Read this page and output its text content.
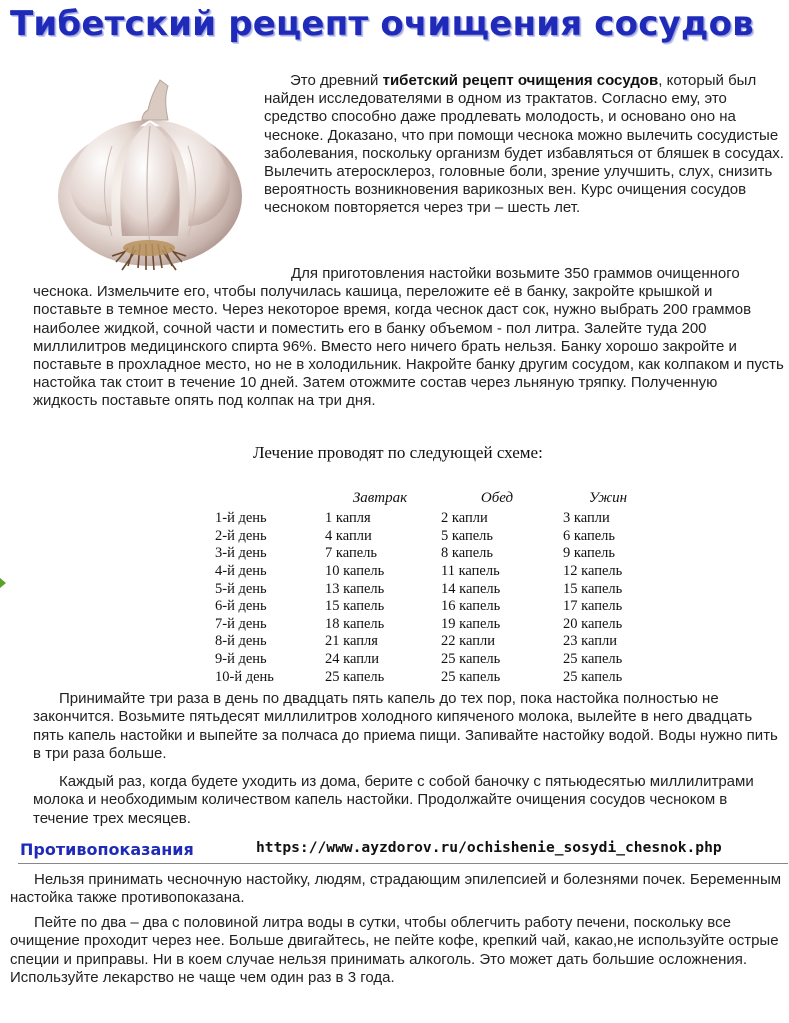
Тибетский рецепт очищения сосудов

Это древний тибетский рецепт очищения сосудов, который был найден исследователями в одном из трактатов. Согласно ему, это средство способно даже продлевать молодость, и основано оно на чесноке. Доказано, что при помощи чеснока можно вылечить сосудистые заболевания, поскольку организм будет избавляться от бляшек в сосудах. Вылечить атеросклероз, головные боли, зрение улучшить, слух, снизить вероятность возникновения варикозных вен. Курс очищения сосудов чесноком повторяется через три – шесть лет.

Для приготовления настойки возьмите 350 граммов очищенного чеснока. Измельчите его, чтобы получилась кашица, переложите её в банку, закройте крышкой и поставьте в темное место. Через некоторое время, когда чеснок даст сок, нужно выбрать 200 граммов наиболее жидкой, сочной части и поместить его в банку объемом - пол литра. Залейте туда 200 миллилитров медицинского спирта 96%. Вместо него ничего брать нельзя. Банку хорошо закройте и поставьте в прохладное место, но не в холодильник. Накройте банку другим сосудом, как колпаком и пусть настойка так стоит в течение 10 дней. Затем отожмите состав через льняную тряпку. Полученную жидкость поставьте опять под колпак на три дня.

Лечение проводят по следующей схеме:

	Завтрак	Обед	Ужин
1-й день	1 капля	2 капли	3 капли
2-й день	4 капли	5 капель	6 капель
3-й день	7 капель	8 капель	9 капель
4-й день	10 капель	11 капель	12 капель
5-й день	13 капель	14 капель	15 капель
6-й день	15 капель	16 капель	17 капель
7-й день	18 капель	19 капель	20 капель
8-й день	21 капля	22 капли	23 капли
9-й день	24 капли	25 капель	25 капель
10-й день	25 капель	25 капель	25 капель

Принимайте три раза в день по двадцать пять капель до тех пор, пока настойка полностью не закончится. Возьмите пятьдесят миллилитров холодного кипяченого молока, вылейте в него двадцать пять капель настойки и выпейте за полчаса до приема пищи. Запивайте настойку водой. Воды нужно пить в три раза больше.

Каждый раз, когда будете уходить из дома, берите с собой баночку с пятьюдесятью миллилитрами молока и необходимым количеством капель настойки. Продолжайте очищения сосудов чесноком в течение трех месяцев.

Противопоказания	https://www.ayzdorov.ru/ochishenie_sosydi_chesnok.php

Нельзя принимать чесночную настойку, людям, страдающим эпилепсией и болезнями почек. Беременным настойка также противопоказана.

Пейте по два – два с половиной литра воды в сутки, чтобы облегчить работу печени, поскольку все очищение проходит через нее. Больше двигайтесь, не пейте кофе, крепкий чай, какао,не используйте острые специи и приправы. Ни в коем случае нельзя принимать алкоголь. Это может дать большие осложнения. Используйте лекарство не чаще чем один раз в 3 года.
